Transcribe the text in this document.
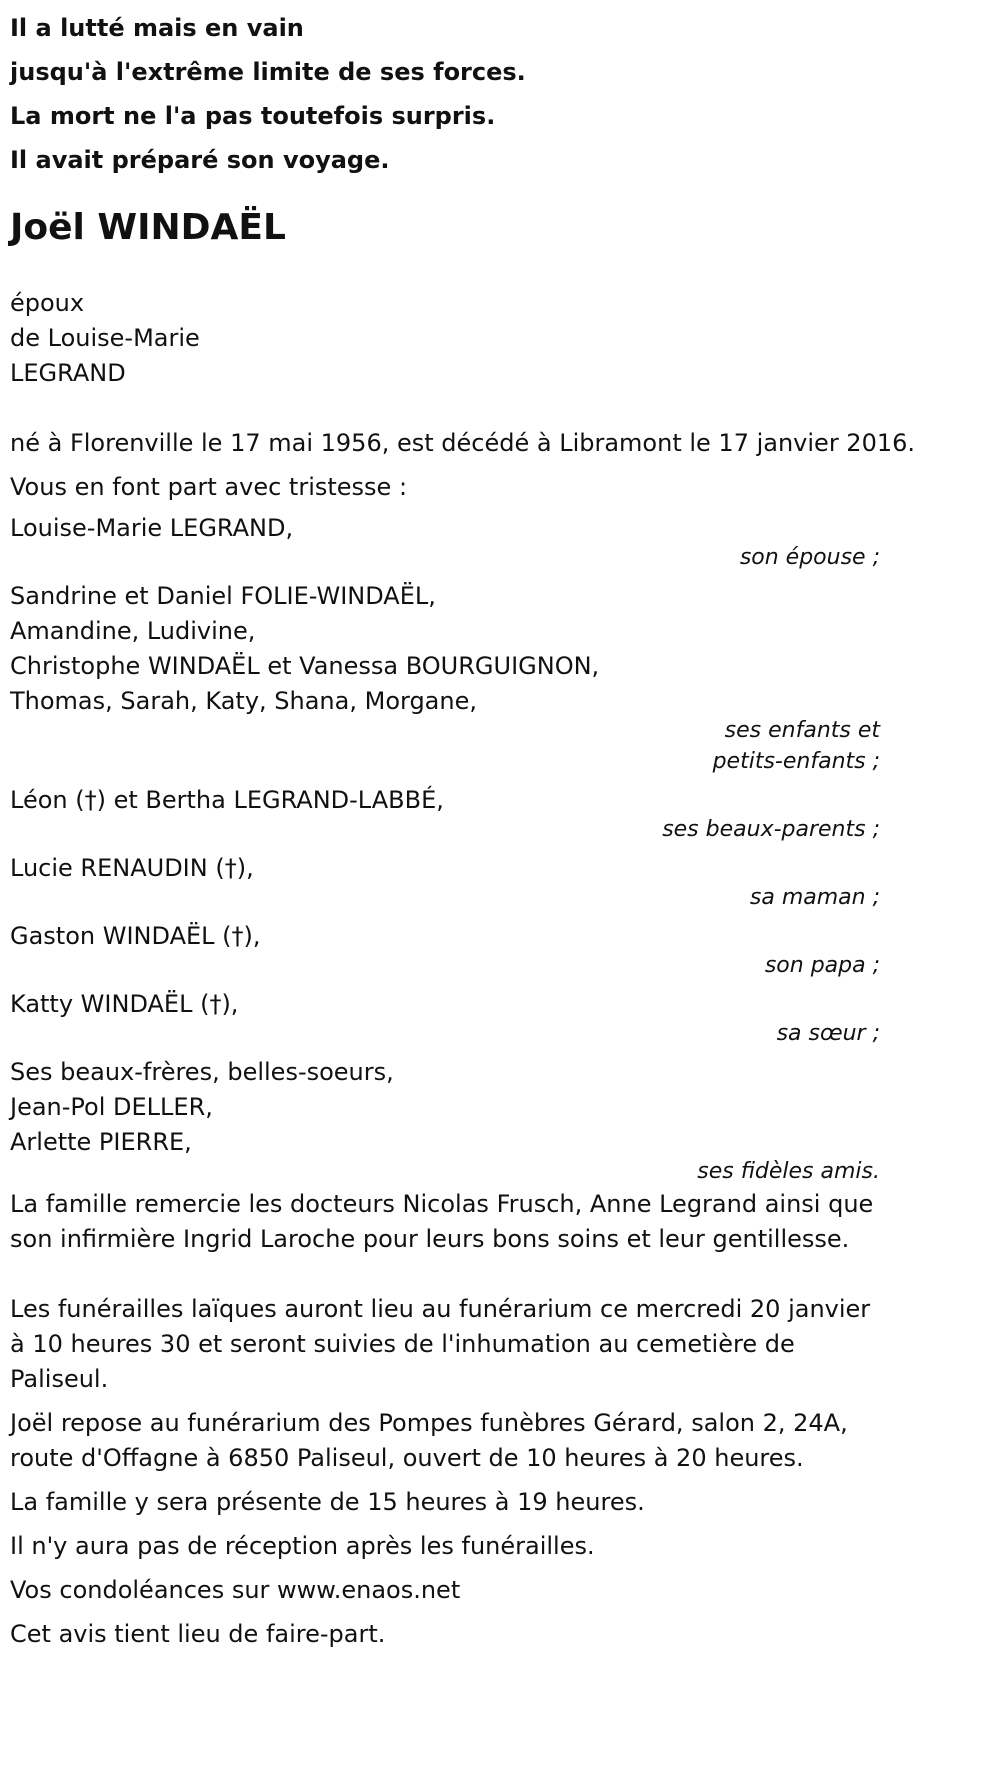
Il a lutté mais en vain

jusqu'à l'extrême limite de ses forces.

La mort ne l'a pas toutefois surpris.

Il avait préparé son voyage.

Joël WINDAËL
époux
de Louise-Marie
LEGRAND
né à Florenville le 17 mai 1956, est décédé à Libramont le 17 janvier 2016.
Vous en font part avec tristesse :
Louise-Marie LEGRAND,
son épouse ;
Sandrine et Daniel FOLIE-WINDAËL,
Amandine, Ludivine,
Christophe WINDAËL et Vanessa BOURGUIGNON,
Thomas, Sarah, Katy, Shana, Morgane,
ses enfants et
petits-enfants ;
Léon (†) et Bertha LEGRAND-LABBÉ,
ses beaux-parents ;
Lucie RENAUDIN (†),
sa maman ;
Gaston WINDAËL (†),
son papa ;
Katty WINDAËL (†),
sa sœur ;
Ses beaux-frères, belles-soeurs,
Jean-Pol DELLER,
Arlette PIERRE,
ses fidèles amis.
La famille remercie les docteurs Nicolas Frusch, Anne Legrand ainsi que son infirmière Ingrid Laroche pour leurs bons soins et leur gentillesse.
Les funérailles laïques auront lieu au funérarium ce mercredi 20 janvier à 10 heures 30 et seront suivies de l'inhumation au cemetière de Paliseul.
Joël repose au funérarium des Pompes funèbres Gérard, salon 2, 24A, route d'Offagne à 6850 Paliseul, ouvert de 10 heures à 20 heures.
La famille y sera présente de 15 heures à 19 heures.
Il n'y aura pas de réception après les funérailles.
Vos condoléances sur www.enaos.net
Cet avis tient lieu de faire-part.
